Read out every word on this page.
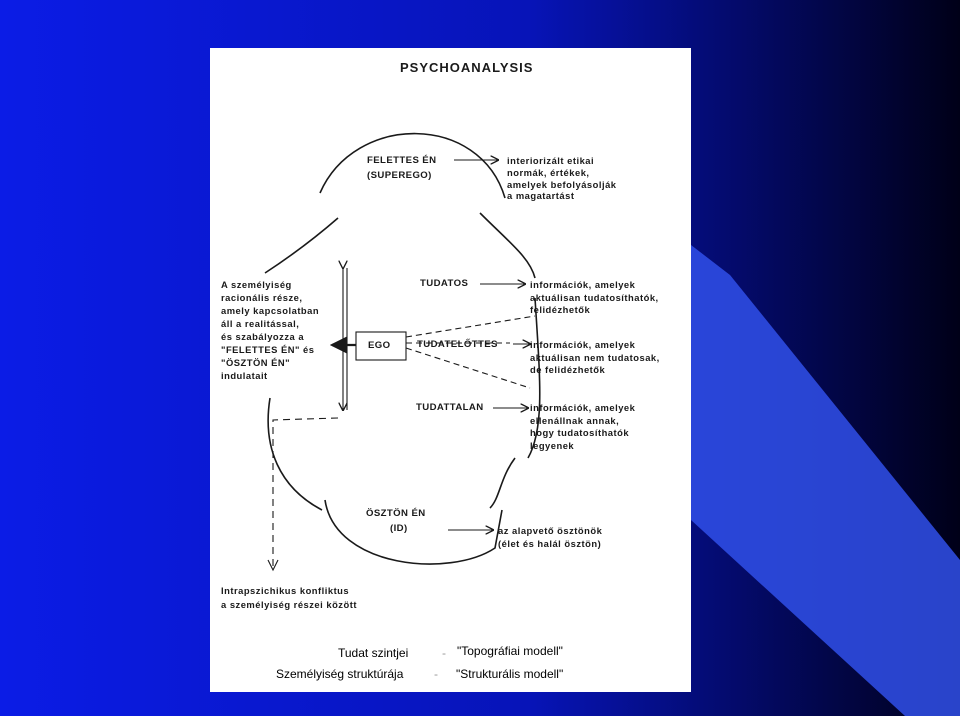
PSYCHOANALYSIS
FELETTES ÉN
(SUPEREGO)
interiorizált etikai
normák, értékek,
amelyek befolyásolják
a magatartást
A személyiség
racionális része,
amely kapcsolatban
áll a realitással,
és szabályozza a
"FELETTES ÉN" és
"ÖSZTÖN ÉN"
indulatait
EGO
TUDATOS	információk, amelyek
aktuálisan tudatosíthatók,
felidézhetők
TUDATELŐTTES	információk, amelyek
aktuálisan nem tudatosak,
de felidézhetők
TUDATTALAN	információk, amelyek
ellenállnak annak,
hogy tudatosíthatók
legyenek
ÖSZTÖN ÉN
(ID)	az alapvető ösztönök
(élet és halál ösztön)
Intrapszichikus konfliktus
a személyiség részei között
Tudat szintjei	- "Topográfiai modell"
Személyiség struktúrája	- "Strukturális modell"
